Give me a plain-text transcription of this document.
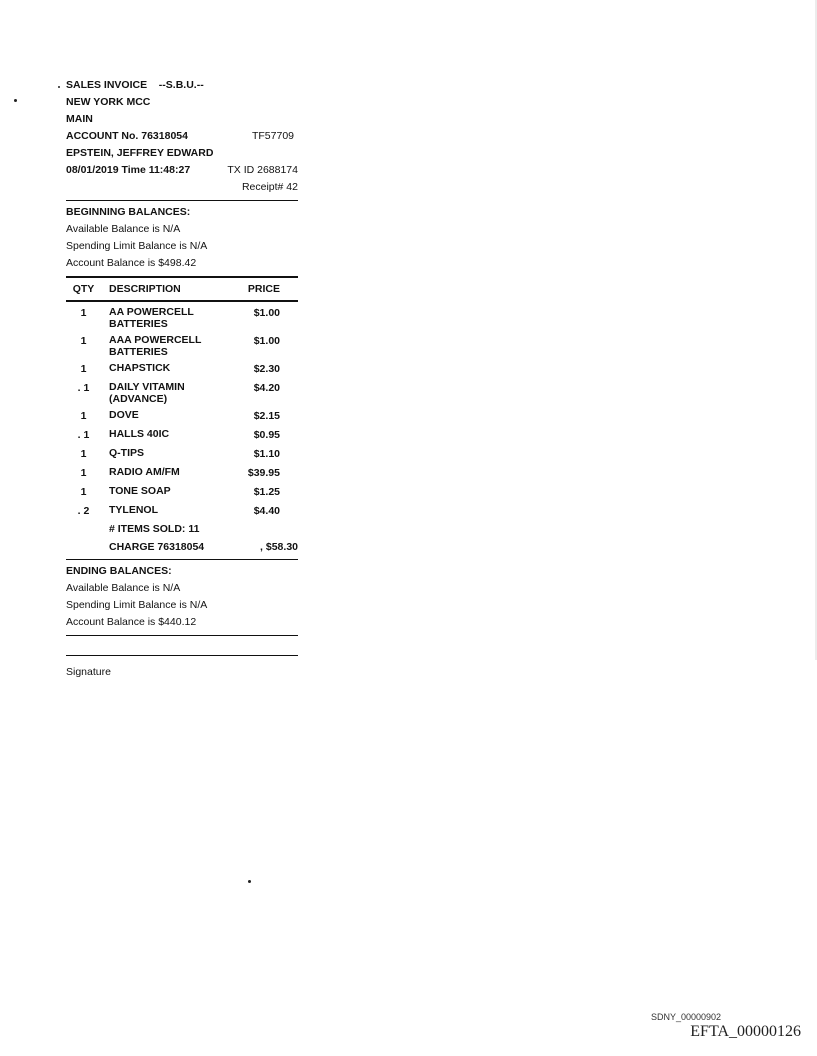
SALES INVOICE --S.B.U.--
NEW YORK MCC
MAIN
ACCOUNT No. 76318054	TF57709
EPSTEIN, JEFFREY EDWARD
08/01/2019 Time 11:48:27	TX ID 2688174
Receipt# 42
BEGINNING BALANCES:
Available Balance is N/A
Spending Limit Balance is N/A
Account Balance is $498.42
QTY	DESCRIPTION	PRICE
1	AA POWERCELL
BATTERIES
$1.00
1	AAA POWERCELL
BATTERIES
$1.00
1	CHAPSTICK	$2.30
. 1	DAILY VITAMIN
(ADVANCE)
$4.20
1	DOVE	$2.15
. 1	HALLS 40IC	$0.95
1	Q-TIPS	$1.10
1	RADIO AM/FM	$39.95
1	TONE SOAP	$1.25
. 2	TYLENOL	$4.40
# ITEMS SOLD: 11
CHARGE 76318054	, $58.30
ENDING BALANCES:
Available Balance is N/A
Spending Limit Balance is N/A
Account Balance is $440.12
Signature
SDNY_00000902
EFTA_00000126
